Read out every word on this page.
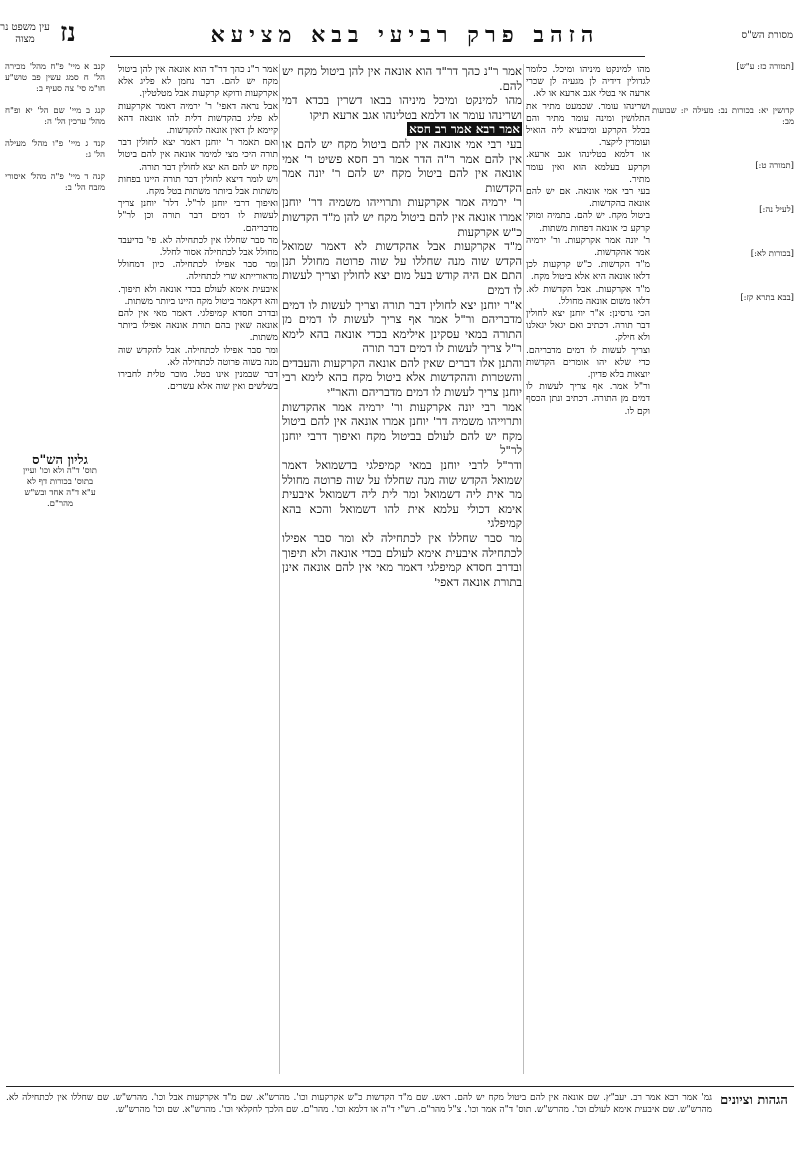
נז	הזהב פרק רביעי בבא מציעא
עין משפט נר מצוה	מסורת הש"ס

קנב א מיי' פ"ח מהל' מכירה הל' ח סמג עשין פב טוש"ע חו"מ סי' צה סעיף ב:

קנג ב מיי' שם הל' יא ופ"ח מהל' ערכין הל' ה:

קנד ג מיי' פ"ו מהל' מעילה הל' ג:

קנה ד מיי' פ"ה מהל' איסורי מזבח הל' ב:

גליון הש"ס
תוס' ד"ה ולא וכו' ועיין בתוס' בכורות דף לא ע"א ד"ה אחד ובש"ש מהר"ם.

[תמורה כז: ע"ש]

קדושין יא: בכורות נב: מעילה יז: שבועות מב:

[תמורה ט:]

[לעיל נה:]

[בכורות לא:]

[בבא בתרא קז:]

מהו למינקט מיניהו ומיכל. כלומר לגדולין דידיה לן מגעיה לן שכרי ארעה אי בטלי אגב ארעא או לא.

ושרינהו עומר. שכמעט מתיר את התלושין ומינה עומר מתיר והם בכלל הקרקע ומיבעיא ליה הואיל ועומדין ליקצר.

או דלמא בטלינהו אגב ארעא. וקרקע בעלמא הוא ואין עומר מתיר.

בעי רבי אמי אונאה. אם יש להם אונאה בהקדשות.

ביטול מקח. יש להם. בתמיה ומוקי קרקע כי אונאה דפחות משתות.

ר' יונה אמר אקרקעות. ור' ירמיה אמר אהקדשות.

מ"ד הקדשות. כ"ש קרקעות לכן דלאו אונאה היא אלא ביטול מקח.

מ"ד אקרקעות. אבל הקדשות לא. דלאו משום אונאה מחולל.

הכי גרסינן: א"ר יוחנן יצא לחולין דבר תורה. דכתיב ואם יגאל יגאלנו ולא חילק.

וצריך לעשות לו דמים מדבריהם. כדי שלא יהו אומרים הקדשות יוצאות בלא פדיון.

ור"ל אמר. אף צריך לעשות לו דמים מן התורה. דכתיב ונתן הכסף וקם לו.

אמר ר"נ כהך דר"ד הוא אונאה אין להן ביטול מקח יש להם.

מהו למינקט ומיכל מיניהו בבאו דשרין בכדא דמי ושרינהו עומר או דלמא בטלינהו אגב ארעא תיקו

אמר רבא אמר רב חסא

בעי רבי אמי אונאה אין להם ביטול מקח יש להם או אין להם אמר ר"ה הדר אמר רב חסא פשיט ר' אמי אונאה אין להם ביטול מקח יש להם ר' יונה אמר הקדשות

ר' ירמיה אמר אקרקעות ותרוייהו משמיה דר' יוחנן אמרו אונאה אין להם ביטול מקח יש להן מ"ד הקדשות כ"ש אקרקעות

מ"ד אקרקעות אבל אהקדשות לא דאמר שמואל הקדש שוה מנה שחללו על שוה פרוטה מחולל תנן התם אם היה קודש בעל מום יצא לחולין וצריך לעשות לו דמים

א"ר יוחנן יצא לחולין דבר תורה וצריך לעשות לו דמים מדבריהם ור"ל אמר אף צריך לעשות לו דמים מן התורה במאי עסקינן אילימא בכדי אונאה בהא לימא ר"ל צריך לעשות לו דמים דבר תורה

והתנן אלו דברים שאין להם אונאה הקרקעות והעבדים והשטרות וההקדשות אלא ביטול מקח בהא לימא רבי יוחנן צריך לעשות לו דמים מדבריהם והאר"י

אמר רבי יונה אקרקעות ור' ירמיה אמר אהקדשות ותרוייהו משמיה דר' יוחנן אמרו אונאה אין להם ביטול מקח יש להם לעולם בביטול מקח ואיפוך דרבי יוחנן לר"ל

ודר"ל לרבי יוחנן במאי קמיפלגי בדשמואל דאמר שמואל הקדש שוה מנה שחללו על שוה פרוטה מחולל מר אית ליה דשמואל ומר לית ליה דשמואל איבעית אימא דכולי עלמא אית להו דשמואל והכא בהא קמיפלגי

מר סבר שחללו אין לכתחילה לא ומר סבר אפילו לכתחילה איבעית אימא לעולם בכדי אונאה ולא תיפוך ובדרב חסדא קמיפלגי דאמר מאי אין להם אונאה אינן בתורת אונאה דאפי'

אמר ר"נ כהך דר"ד הוא אונאה אין להן ביטול מקח יש להם. דבר נחמן לא פליג אלא אקרקעות ודוקא קרקעות אבל מטלטלין.

אבל נראה דאפי' ר' ירמיה דאמר אקרקעות לא פליג בהקדשות דלית להו אונאה דהא קיימא לן דאין אונאה להקדשות.

ואם תאמר ר' יוחנן דאמר יצא לחולין דבר תורה היכי מצי למימר אונאה אין להם ביטול מקח יש להם הא יצא לחולין דבר תורה.

ויש לומר דיצא לחולין דבר תורה היינו בפחות משתות אבל ביותר משתות בטל מקח.

ואיפוך דרבי יוחנן לר"ל. דלר' יוחנן צריך לעשות לו דמים דבר תורה וכן לר"ל מדבריהם.

מר סבר שחללו אין לכתחילה לא. פי' בדיעבד מחולל אבל לכתחילה אסור לחלל.

ומר סבר אפילו לכתחילה. כיון דמחולל מדאורייתא שרי לכתחילה.

איבעית אימא לעולם בכדי אונאה ולא תיפוך. והא דקאמר ביטול מקח היינו ביותר משתות.

ובדרב חסדא קמיפלגי. דאמר מאי אין להם אונאה שאין בהם תורת אונאה אפילו ביותר משתות.

ומר סבר אפילו לכתחילה. אבל להקדש שוה מנה בשוה פרוטה לכתחילה לא.

דבר שבמנין אינו בטל. מוכר טלית לחבירו בשלשים ואין שוה אלא עשרים.

הגהות וציונים
גמ' אמר רבא אמר רב. יעב"ץ. שם אונאה אין להם ביטול מקח יש להם. ראש. שם מ"ד הקדשות כ"ש אקרקעות וכו'. מהרש"א. שם מ"ד אקרקעות אבל וכו'. מהרש"ש. שם שחללו אין לכתחילה לא. מהרש"ש. שם איבעית אימא לעולם וכו'. מהרש"ש. תוס' ד"ה אמר וכו'. צ"ל מהר"ם. רש"י ד"ה או דלמא וכו'. מהר"ם. שם הלכך לחקלאי וכו'. מהרש"א. שם וכו' מהרש"ש.
